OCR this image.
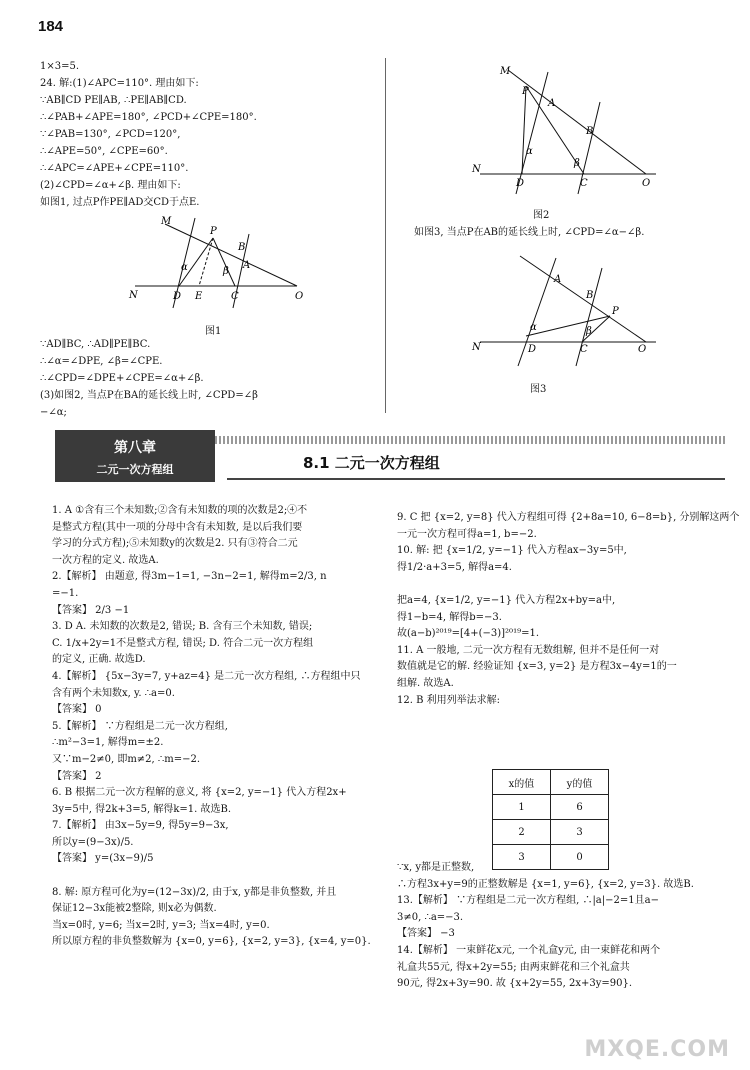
184

1×3=5.

24. 解:(1)∠APC=110°. 理由如下:

∵AB∥CD PE∥AB, ∴PE∥AB∥CD.

∴∠PAB+∠APE=180°, ∠PCD+∠CPE=180°.

∵∠PAB=130°, ∠PCD=120°,

∴∠APE=50°, ∠CPE=60°.

∴∠APC=∠APE+∠CPE=110°.

(2)∠CPD=∠α+∠β. 理由如下:

如图1, 过点P作PE∥AD交CD于点E.

M
P
B
A
N	D E	C	O
α	β
图1

∵AD∥BC, ∴AD∥PE∥BC.

∴∠α=∠DPE, ∠β=∠CPE.

∴∠CPD=∠DPE+∠CPE=∠α+∠β.

(3)如图2, 当点P在BA的延长线上时, ∠CPD=∠β

−∠α;

M
P
A
B
N
D	C	O
α
β
图2

如图3, 当点P在AB的延长线上时, ∠CPD=∠α−∠β.

A
B
P
N	D	C	O
α	β
图3
第八章
二元一次方程组	8.1 二元一次方程组

1. A ①含有三个未知数;②含有未知数的项的次数是2;④不

是整式方程(其中一项的分母中含有未知数, 是以后我们要

学习的分式方程);⑤未知数y的次数是2. 只有③符合二元

一次方程的定义. 故选A.

2.【解析】 由题意, 得3m−1=1, −3n−2=1, 解得m=2/3, n

=−1.

【答案】 2/3 −1

3. D A. 未知数的次数是2, 错误; B. 含有三个未知数, 错误;

C. 1/x+2y=1不是整式方程, 错误; D. 符合二元一次方程组

的定义, 正确. 故选D.

4.【解析】 {5x−3y=7, y+az=4} 是二元一次方程组, ∴方程组中只

含有两个未知数x, y. ∴a=0.

【答案】 0

5.【解析】 ∵方程组是二元一次方程组,

∴m²−3=1, 解得m=±2.

又∵m−2≠0, 即m≠2, ∴m=−2.

【答案】 2

6. B 根据二元一次方程解的意义, 将 {x=2, y=−1} 代入方程2x+

3y=5中, 得2k+3=5, 解得k=1. 故选B.

7.【解析】 由3x−5y=9, 得5y=9−3x,

所以y=(9−3x)/5.

【答案】 y=(3x−9)/5

8. 解: 原方程可化为y=(12−3x)/2, 由于x, y都是非负整数, 并且

保证12−3x能被2整除, 则x必为偶数.

当x=0时, y=6; 当x=2时, y=3; 当x=4时, y=0.

所以原方程的非负整数解为 {x=0, y=6}, {x=2, y=3}, {x=4, y=0}.

9. C 把 {x=2, y=8} 代入方程组可得 {2+8a=10, 6−8=b}, 分别解这两个

一元一次方程可得a=1, b=−2.

10. 解: 把 {x=1/2, y=−1} 代入方程ax−3y=5中,

得1/2·a+3=5, 解得a=4.

把a=4, {x=1/2, y=−1} 代入方程2x+by=a中,

得1−b=4, 解得b=−3.

故(a−b)²⁰¹⁹=[4+(−3)]²⁰¹⁹=1.

11. A 一般地, 二元一次方程有无数组解, 但并不是任何一对

数值就是它的解. 经验证知 {x=3, y=2} 是方程3x−4y=1的一

组解. 故选A.

12. B 利用列举法求解:

x的值	y的值
1	6
2	3
3	0

∵x, y都是正整数,

∴方程3x+y=9的正整数解是 {x=1, y=6}, {x=2, y=3}. 故选B.

13.【解析】 ∵方程组是二元一次方程组, ∴|a|−2=1且a−

3≠0, ∴a=−3.

【答案】 −3

14.【解析】 一束鲜花x元, 一个礼盒y元, 由一束鲜花和两个

礼盒共55元, 得x+2y=55; 由两束鲜花和三个礼盒共

90元, 得2x+3y=90. 故 {x+2y=55, 2x+3y=90}.

MXQE.COM
